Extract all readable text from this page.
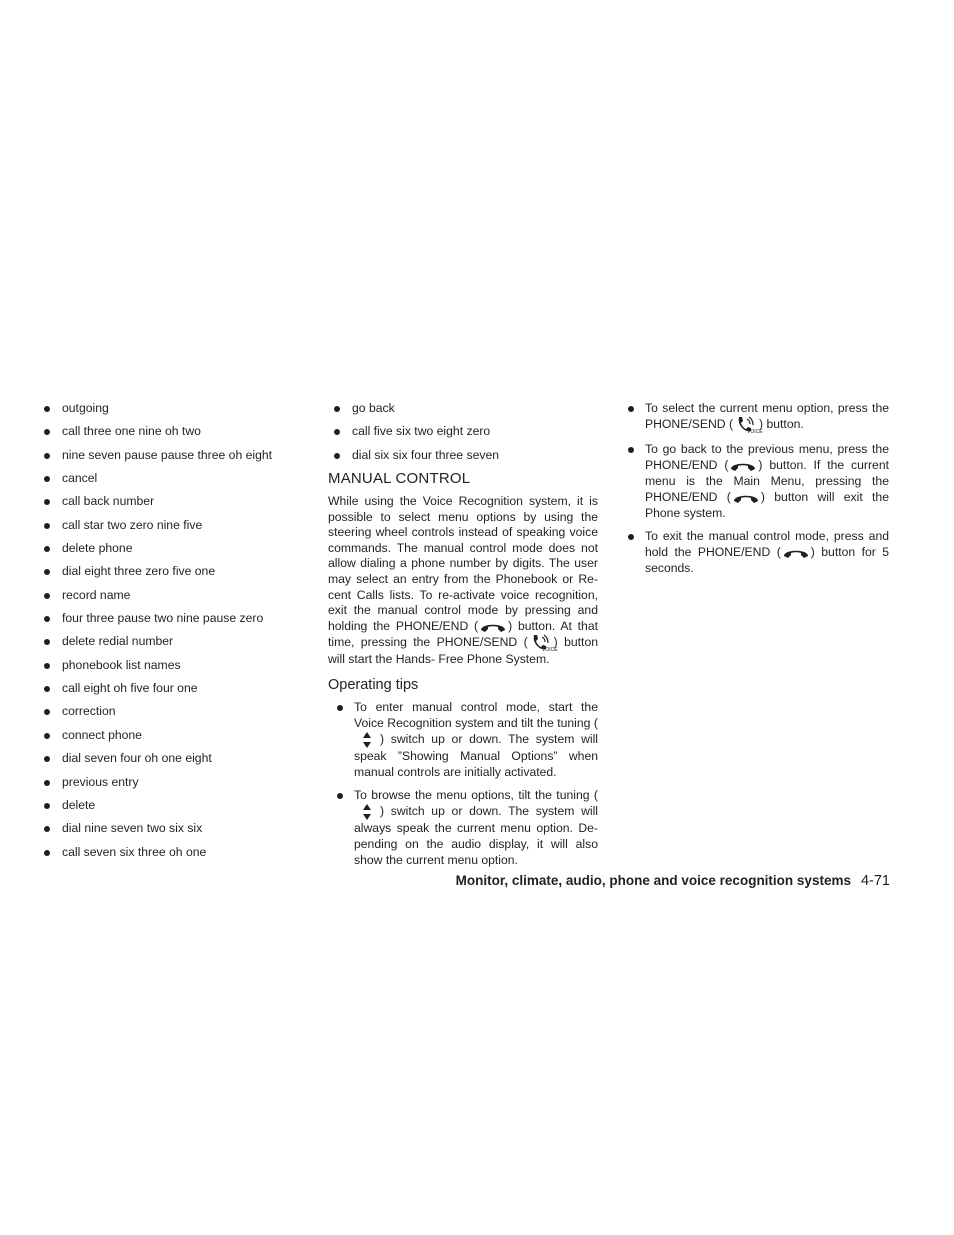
outgoing
call three one nine oh two
nine seven pause pause three oh eight
cancel
call back number
call star two zero nine five
delete phone
dial eight three zero five one
record name
four three pause two nine pause zero
delete redial number
phonebook list names
call eight oh five four one
correction
connect phone
dial seven four oh one eight
previous entry
delete
dial nine seven two six six
call seven six three oh one
go back
call five six two eight zero
dial six six four three seven
MANUAL CONTROL

While using the Voice Recognition system, it is possible to select menu options by using the steering wheel controls instead of speaking voice commands. The manual control mode does not allow dialing a phone number by digits. The user may select an entry from the Phonebook or Re-cent Calls lists. To re-activate voice recognition, exit the manual control mode by pressing and holding the PHONE/END ( ) button. At that time, pressing the PHONE/SEND (
VOICE
) button will start the Hands- Free Phone System.

Operating tips
To enter manual control mode, start the Voice Recognition system and tilt the tuning (
) switch up or down. The system will speak ”Showing Manual Options” when manual controls are initially activated.
To browse the menu options, tilt the tuning (
) switch up or down. The system will always speak the current menu option. De-pending on the audio display, it will also show the current menu option.
To select the current menu option, press the PHONE/SEND (
VOICE
) button.
To go back to the previous menu, press the PHONE/END ( ) button. If the current menu is the Main Menu, pressing the PHONE/END ( ) button will exit the Phone system.
To exit the manual control mode, press and hold the PHONE/END ( ) button for 5 seconds.
Monitor, climate, audio, phone and voice recognition systems 4-71
